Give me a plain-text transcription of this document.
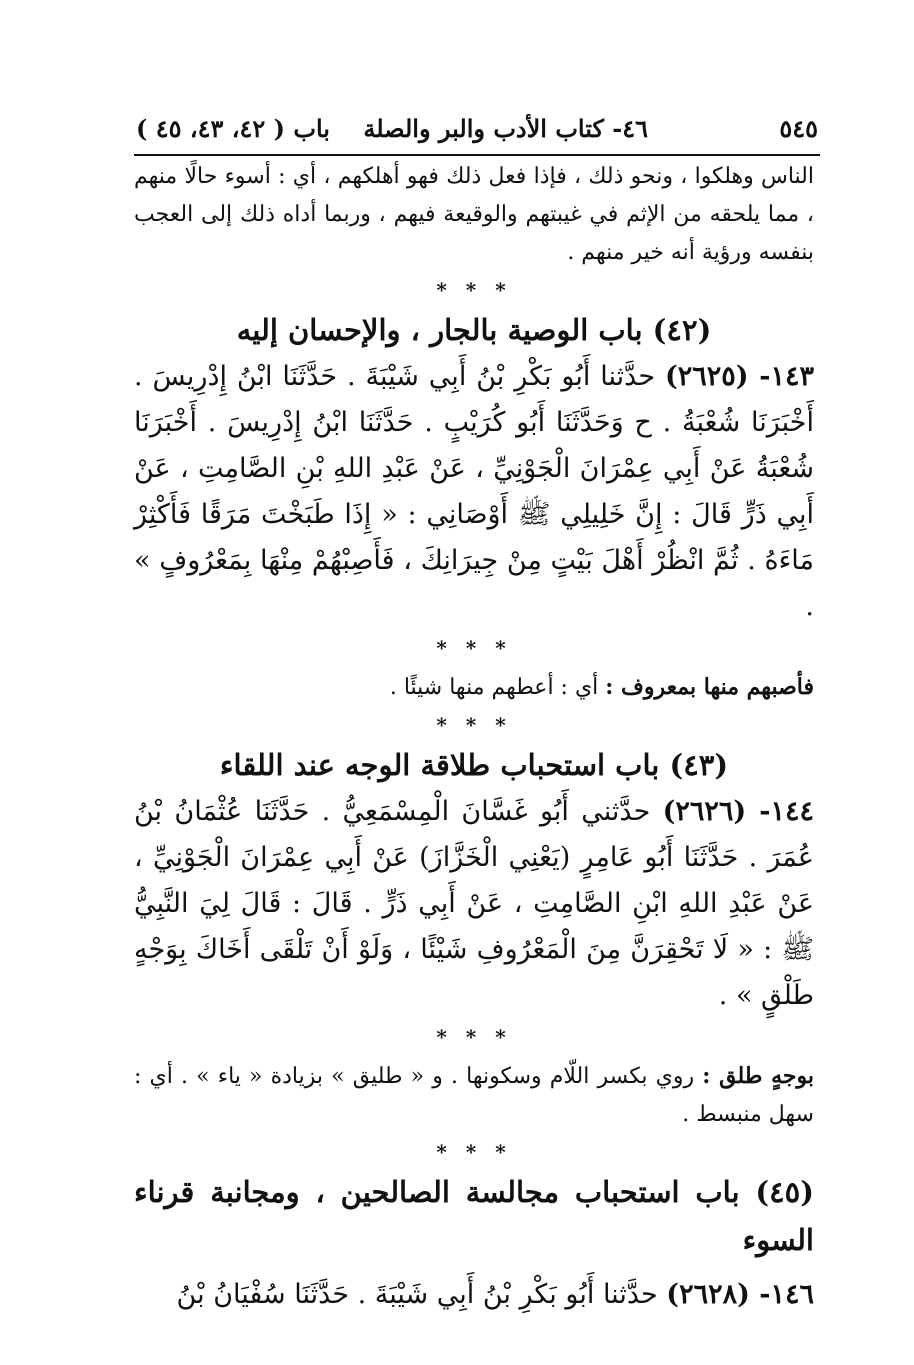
٤٦- كتاب الأدب والبر والصلة    باب ( ٤٢، ٤٣، ٤٥ )	٥٤٥

الناس وهلكوا ، ونحو ذلك ، فإذا فعل ذلك فهو أهلكهم ، أي : أسوء حالًا منهم ، مما يلحقه من الإثم في غيبتهم والوقيعة فيهم ، وربما أداه ذلك إلى العجب بنفسه ورؤية أنه خير منهم .

* * *
(٤٢) باب الوصية بالجار ، والإحسان إليه

١٤٣- (٢٦٢٥) حدَّثنا أَبُو بَكْرِ بْنُ أَبِي شَيْبَةَ . حَدَّثَنَا ابْنُ إِدْرِيسَ . أَخْبَرَنَا شُعْبَةُ . ح وَحَدَّثَنَا أَبُو كُرَيْبٍ . حَدَّثَنَا ابْنُ إِدْرِيسَ . أَخْبَرَنَا شُعْبَةُ عَنْ أَبِي عِمْرَانَ الْجَوْنِيِّ ، عَنْ عَبْدِ اللهِ بْنِ الصَّامِتِ ، عَنْ أَبِي ذَرٍّ قَالَ : إِنَّ خَلِيلِي ﷺ أَوْصَانِي : « إِذَا طَبَخْتَ مَرَقًا فَأَكْثِرْ مَاءَهُ . ثُمَّ انْظُرْ أَهْلَ بَيْتٍ مِنْ جِيرَانِكَ ، فَأَصِبْهُمْ مِنْهَا بِمَعْرُوفٍ » .

* * *

فأصبهم منها بمعروف : أي : أعطهم منها شيئًا .

* * *
(٤٣) باب استحباب طلاقة الوجه عند اللقاء

١٤٤- (٢٦٢٦) حدَّثني أَبُو غَسَّانَ الْمِسْمَعِيُّ . حَدَّثَنَا عُثْمَانُ بْنُ عُمَرَ . حَدَّثَنَا أَبُو عَامِرٍ (يَعْنِي الْخَزَّازَ) عَنْ أَبِي عِمْرَانَ الْجَوْنِيِّ ، عَنْ عَبْدِ اللهِ ابْنِ الصَّامِتِ ، عَنْ أَبِي ذَرٍّ . قَالَ : قَالَ لِيَ النَّبِيُّ ﷺ : « لَا تَحْقِرَنَّ مِنَ الْمَعْرُوفِ شَيْئًا ، وَلَوْ أَنْ تَلْقَى أَخَاكَ بِوَجْهٍ طَلْقٍ » .

* * *

بوجهٍ طلق : روي بكسر اللّام وسكونها . و « طليق » بزيادة « ياء » . أي : سهل منبسط .

* * *
(٤٥) باب استحباب مجالسة الصالحين ، ومجانبة قرناء السوء

١٤٦- (٢٦٢٨) حدَّثنا أَبُو بَكْرِ بْنُ أَبِي شَيْبَةَ . حَدَّثَنَا سُفْيَانُ بْنُ
